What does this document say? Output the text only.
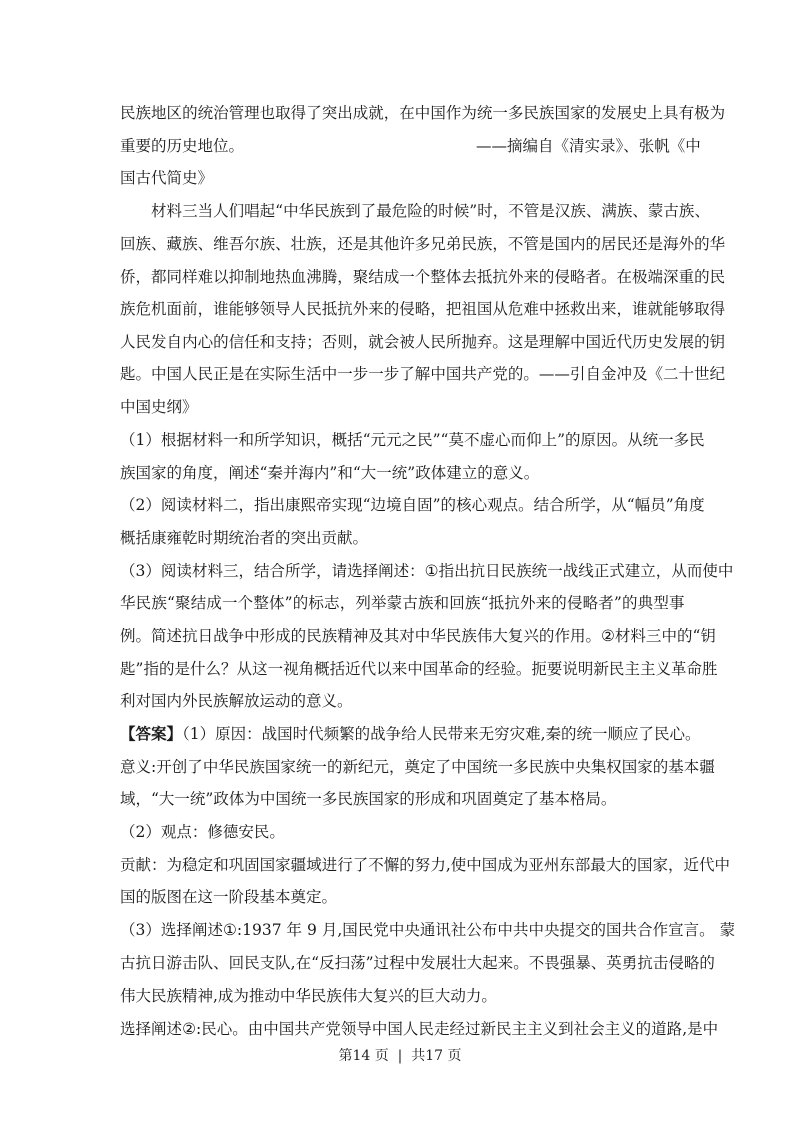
民 族 地 区 的 统 治 管 理 也 取 得 了 突 出 成 就 ， 在 中 国 作 为 统 一 多 民 族 国 家 的 发 展 史 上 具 有 极 为
重要的历史地位。
国古代简史》

材 料 三 当 人 们 唱 起 “ 中 华 民 族 到 了 最 危 险 的 时 候 ” 时 ， 不 管 是 汉 族 、 满 族 、 蒙 古 族 、
回 族 、 藏 族 、 维 吾 尔 族 、 壮 族 ， 还 是 其 他 许 多 兄 弟 民 族 ， 不 管 是 国 内 的 居 民 还 是 海 外 的 华
侨 ， 都 同 样 难 以 抑 制 地 热 血 沸 腾 ， 聚 结 成 一 个 整 体 去 抵 抗 外 来 的 侵 略 者 。 在 极 端 深 重 的 民
族 危 机 面 前 ， 谁 能 够 领 导 人 民 抵 抗 外 来 的 侵 略 ， 把 祖 国 从 危 难 中 拯 救 出 来 ， 谁 就 能 够 取 得
人 民 发 自 内 心 的 信 任 和 支 持 ； 否 则 ， 就 会 被 人 民 所 抛 弃 。 这 是 理 解 中 国 近 代 历 史 发 展 的 钥
匙 。 中 国 人 民 正 是 在 实 际 生 活 中 一 步 一 步 了 解 中 国 共 产 党 的 。 — — 引 自 金 冲 及 《 二 十 世 纪
中国史纲》
（ 1 ） 根 据 材 料 一 和 所 学 知 识 ， 概 括 “ 元 元 之 民 ” “ 莫 不 虚 心 而 仰 上 ” 的 原 因 。 从 统 一 多 民
族国家的角度，阐述“秦并海内”和“大一统”政体建立的意义。
（ 2 ） 阅 读 材 料 二 ， 指 出 康 熙 帝 实 现 “ 边 境 自 固 ” 的 核 心 观 点 。 结 合 所 学 ， 从 “ 幅 员 ” 角 度
概括康雍乾时期统治者的突出贡献。
（ 3 ） 阅 读 材 料 三 ， 结 合 所 学 ， 请 选 择 阐 述 ： ① 指 出 抗 日 民 族 统 一 战 线 正 式 建 立 ， 从 而 使 中
华 民 族 “ 聚 结 成 一 个 整 体 ” 的 标 志 ， 列 举 蒙 古 族 和 回 族 “ 抵 抗 外 来 的 侵 略 者 ” 的 典 型 事
例 。 简 述 抗 日 战 争 中 形 成 的 民 族 精 神 及 其 对 中 华 民 族 伟 大 复 兴 的 作 用 。 ② 材 料 三 中 的 “ 钥
匙 ” 指 的 是 什 么 ？ 从 这 一 视 角 概 括 近 代 以 来 中 国 革 命 的 经 验 。 扼 要 说 明 新 民 主 主 义 革 命 胜
利对国内外民族解放运动的意义。
【答案】（1）原因：战国时代频繁的战争给人民带来无穷灾难,秦的统一顺应了民心。
意 义 : 开 创 了 中 华 民 族 国 家 统 一 的 新 纪 元 ， 奠 定 了 中 国 统 一 多 民 族 中 央 集 权 国 家 的 基 本 疆
域，“大一统”政体为中国统一多民族国家的形成和巩固奠定了基本格局。
（2）观点：修德安民。
贡 献 ： 为 稳 定 和 巩 固 国 家 疆 域 进 行 了 不 懈 的 努 力 , 使 中 国 成 为 亚 州 东 部 最 大 的 国 家 ， 近 代 中
国的版图在这一阶段基本奠定。
（ 3 ） 选 择 阐 述 ① : 1 9 3 7
年
9
月 , 国 民 党 中 央 通 讯 社 公 布 中 共 中 央 提 交 的 国 共 合 作 宣 言 。
蒙
古 抗 日 游 击 队 、 回 民 支 队 , 在 “ 反 扫 荡 ” 过 程 中 发 展 壮 大 起 来 。 不 畏 强 暴 、 英 勇 抗 击 侵 略 的
伟大民族精神,成为推动中华民族伟大复兴的巨大动力。
选 择 阐 述 ② : 民 心 。 由 中 国 共 产 党 领 导 中 国 人 民 走 经 过 新 民 主 主 义 到 社 会 主 义 的 道 路 , 是 中
——摘编自《清实录》、张帆《中
第14 页  |  共17 页
